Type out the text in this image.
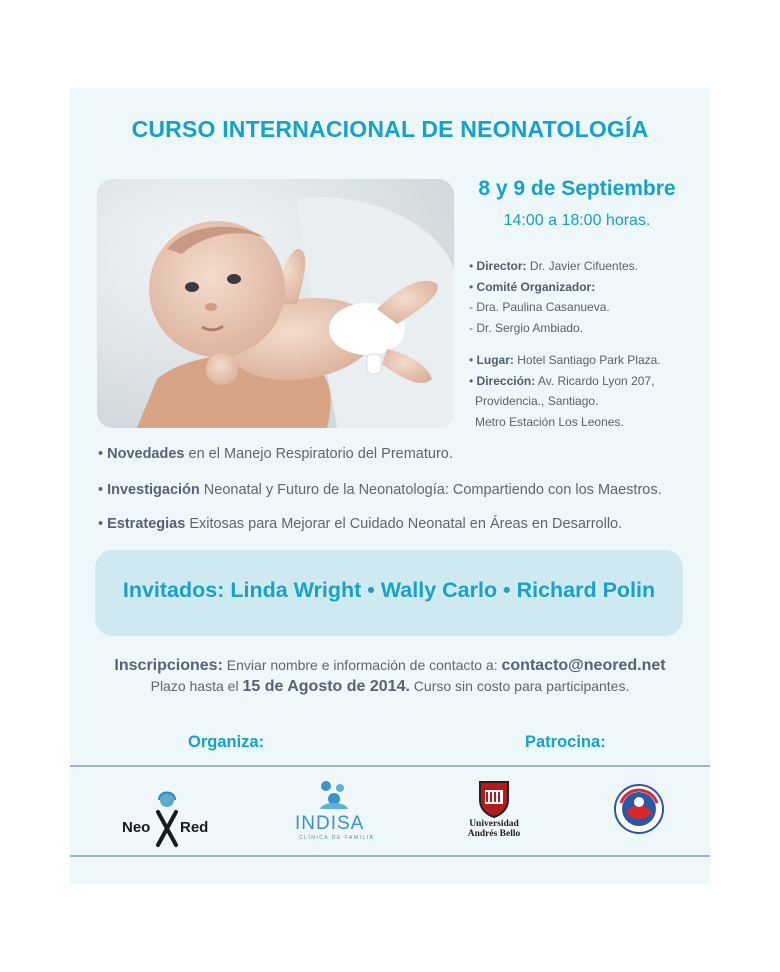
CURSO INTERNACIONAL DE NEONATOLOGÍA
8 y 9 de Septiembre
14:00 a 18:00 horas.
• Director: Dr. Javier Cifuentes.
• Comité Organizador:
- Dra. Paulina Casanueva.
- Dr. Sergio Ambiado.
• Lugar: Hotel Santiago Park Plaza.
• Dirección: Av. Ricardo Lyon 207,
Providencia., Santiago.
Metro Estación Los Leones.
• Novedades en el Manejo Respiratorio del Prematuro.
• Investigación Neonatal y Futuro de la Neonatología: Compartiendo con los Maestros.
• Estrategias Exitosas para Mejorar el Cuidado Neonatal en Áreas en Desarrollo.
Invitados: Linda Wright • Wally Carlo • Richard Polin
Inscripciones: Enviar nombre e información de contacto a: contacto@neored.net
Plazo hasta el 15 de Agosto de 2014. Curso sin costo para participantes.
Organiza:	Patrocina:
Neo Red	INDISA
CLÍNICA DE FAMILIA
Universidad
Andrés Bello
